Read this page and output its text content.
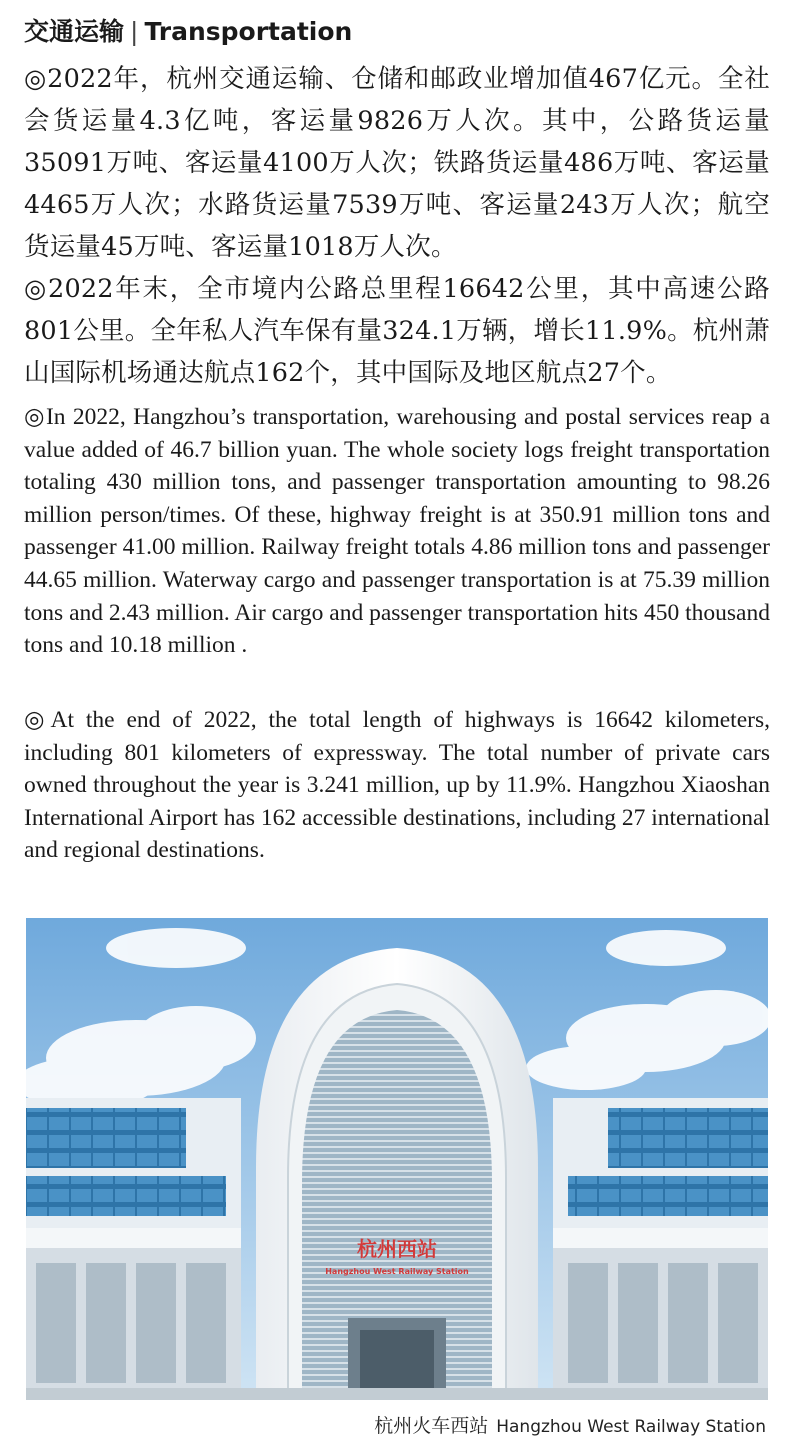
交通运输 | Transportation

◎2022年，杭州交通运输、仓储和邮政业增加值467亿元。全社会货运量4.3亿吨，客运量9826万人次。其中，公路货运量35091万吨、客运量4100万人次；铁路货运量486万吨、客运量4465万人次；水路货运量7539万吨、客运量243万人次；航空货运量45万吨、客运量1018万人次。

◎2022年末，全市境内公路总里程16642公里，其中高速公路801公里。全年私人汽车保有量324.1万辆，增长11.9%。杭州萧山国际机场通达航点162个，其中国际及地区航点27个。

◎In 2022, Hangzhou’s transportation, warehousing and postal services reap a value added of 46.7 billion yuan. The whole society logs freight transportation totaling 430 million tons, and passenger transportation amounting to 98.26 million person/times. Of these, highway freight is at 350.91 million tons and passenger 41.00 million. Railway freight totals 4.86 million tons and passenger 44.65 million. Waterway cargo and passenger transportation is at 75.39 million tons and 2.43 million. Air cargo and passenger transportation hits 450 thousand tons and 10.18 million .

◎At the end of 2022, the total length of highways is 16642 kilometers, including 801 kilometers of expressway. The total number of private cars owned throughout the year is 3.241 million, up by 11.9%. Hangzhou Xiaoshan International Airport has 162 accessible destinations, including 27 international and regional destinations.

杭州西站
Hangzhou West Railway Station
杭州火车西站 Hangzhou West Railway Station
